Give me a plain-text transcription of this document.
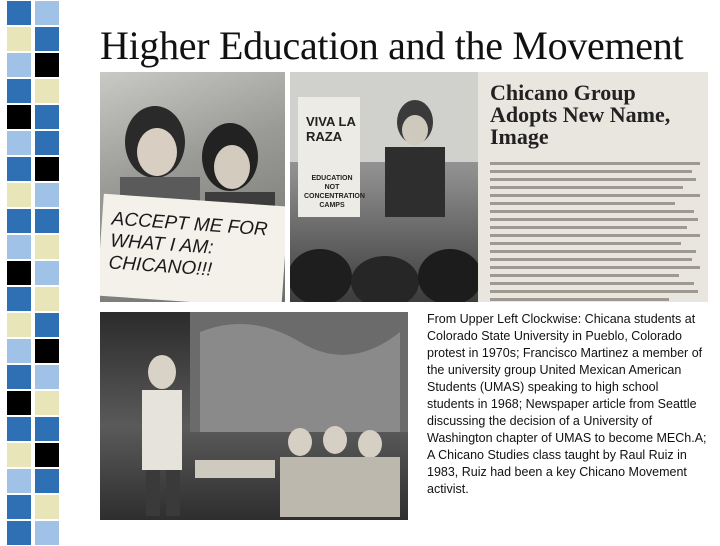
Higher Education and the Movement
ACCEPT ME FOR WHAT I AM: CHICANO!!!
VIVA LA RAZA
EDUCATION NOT CONCENTRATION CAMPS
Chicano Group Adopts New Name, Image
From Upper Left Clockwise: Chicana students at Colorado State University in Pueblo, Colorado protest in 1970s; Francisco Martinez a member of the university group United Mexican American Students (UMAS) speaking to high school students in 1968; Newspaper article from Seattle discussing the decision of a University of Washington chapter of UMAS to become MECh.A; A Chicano Studies class taught by Raul Ruiz in 1983, Ruiz had been a key Chicano Movement activist.
